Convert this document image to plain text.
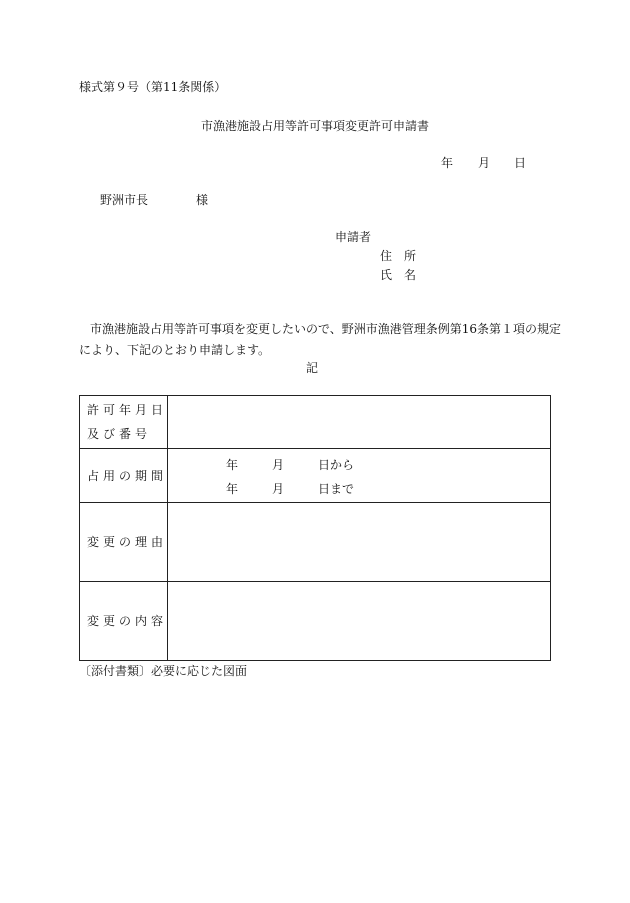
様式第９号（第11条関係）
市漁港施設占用等許可事項変更許可申請書
年 月 日
野洲市長	様
申請者
住所
氏名
市漁港施設占用等許可事項を変更したいので、野洲市漁港管理条例第16条第１項の規定
により、下記のとおり申請します。
記
許可年月日
及び番号	

占用の期間	年 月 日から
年 月 日まで

変更の理由	
変更の内容	
〔添付書類〕必要に応じた図面
